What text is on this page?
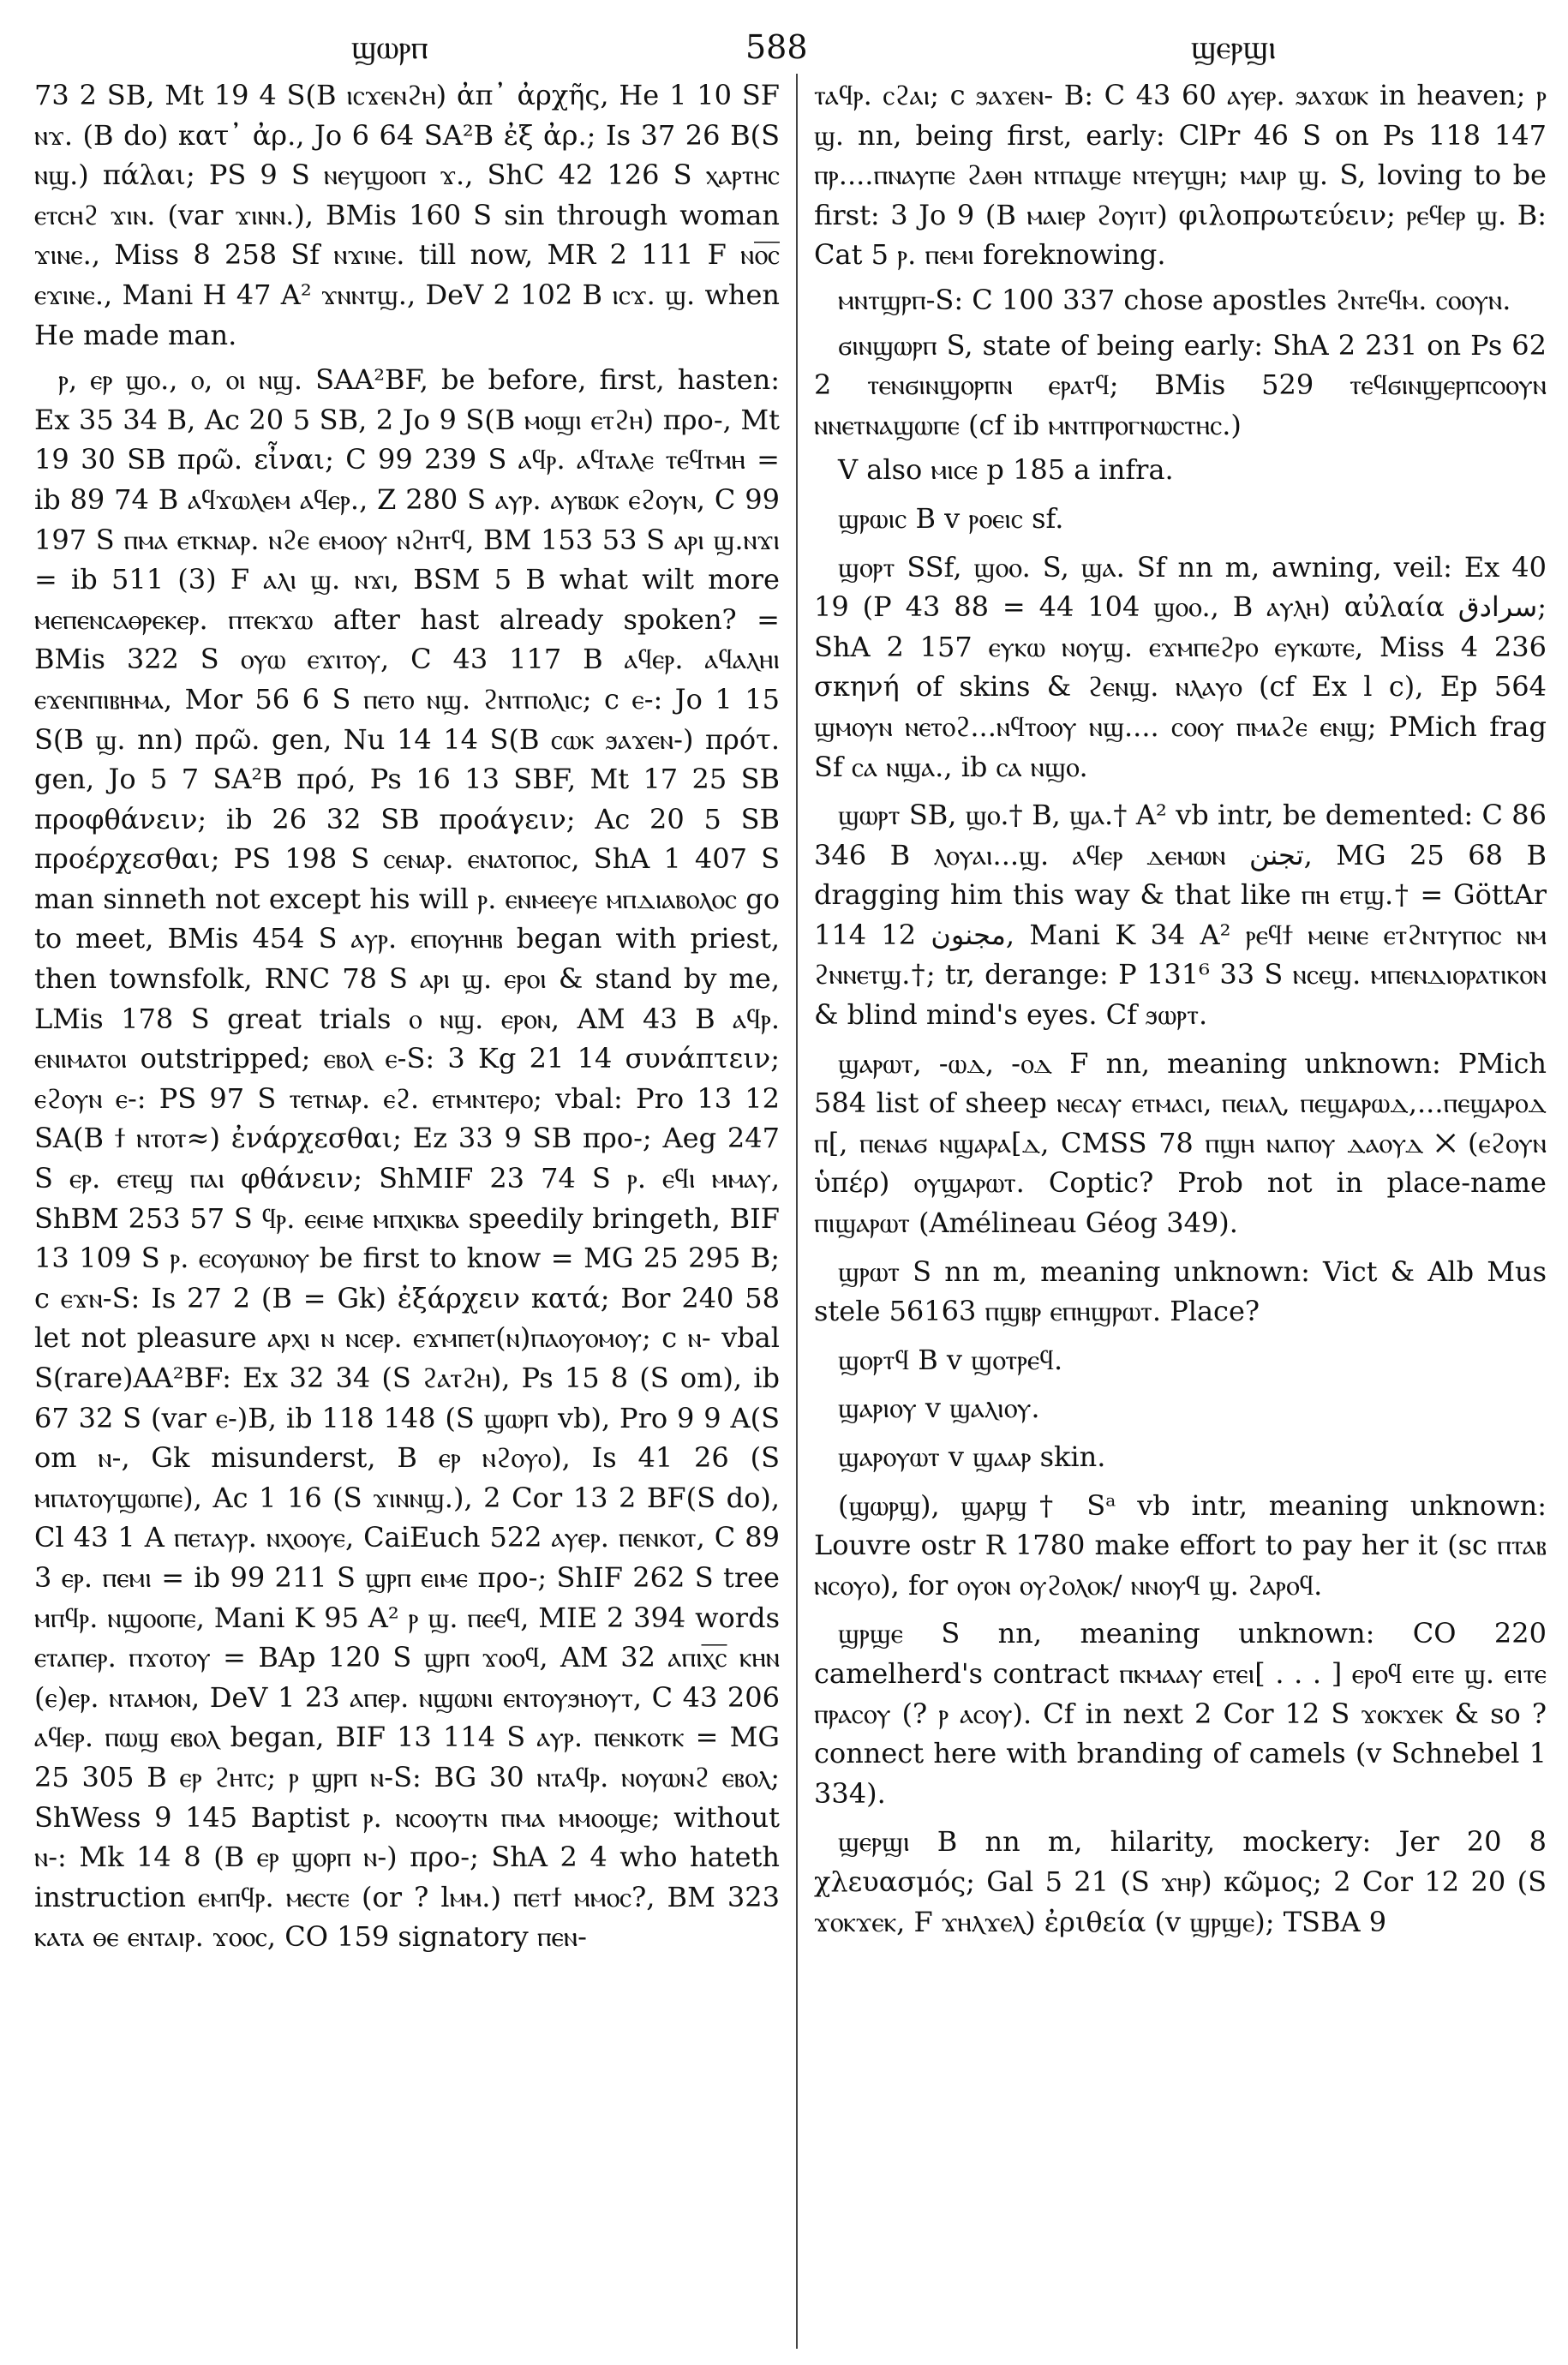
ϣⲱⲣⲡ	588	ϣⲉⲣϣⲓ

73 2 SB, Mt 19 4 S(B ⲓⲥϫⲉⲛϩⲏ) ἀπ᾿ ἀρχῆς, He 1 10 SF ⲛϫ. (B do) κατ᾿ ἀρ., Jo 6 64 SA²B ἐξ ἀρ.; Is 37 26 B(S ⲛϣ.) πάλαι; PS 9 S ⲛⲉⲩϣⲟⲟⲡ ϫ., ShC 42 126 S ⲭⲁⲣⲧⲏⲥ ⲉⲧⲥⲏϩ ϫⲓⲛ. (var ϫⲓⲛⲛ.), BMis 160 S sin through woman ϫⲓⲛⲉ., Miss 8 258 Sf ⲛϫⲓⲛⲉ. till now, MR 2 111 F ⲛⲟ̅ⲥ̅ ⲉϫⲓⲛⲉ., Mani H 47 A² ϫⲛⲛⲧϣ., DeV 2 102 B ⲓⲥϫ. ϣ. when He made man.

ⲣ, ⲉⲣ ϣⲟ., ⲟ, ⲟⲓ ⲛϣ. SAA²BF, be before, first, hasten: Ex 35 34 B, Ac 20 5 SB, 2 Jo 9 S(B ⲙⲟϣⲓ ⲉⲧϩⲏ) προ-, Mt 19 30 SB πρῶ. εἶναι; C 99 239 S ⲁϥⲣ. ⲁϥⲧⲁⲗⲉ ⲧⲉϥⲧⲙⲏ = ib 89 74 B ⲁϥϫⲱⲗⲉⲙ ⲁϥⲉⲣ., Z 280 S ⲁⲩⲣ. ⲁⲩⲃⲱⲕ ⲉϩⲟⲩⲛ, C 99 197 S ⲡⲙⲁ ⲉⲧⲕⲛⲁⲣ. ⲛϩⲉ ⲉⲙⲟⲟⲩ ⲛϩⲏⲧϥ, BM 153 53 S ⲁⲣⲓ ϣ.ⲛϫⲓ = ib 511 (3) F ⲁⲗⲓ ϣ. ⲛϫⲓ, BSM 5 B what wilt more ⲙⲉⲡⲉⲛⲥⲁⲑⲣⲉⲕⲉⲣ. ⲡⲧⲉⲕϫⲱ after hast already spoken? = BMis 322 S ⲟⲩⲱ ⲉϫⲓⲧⲟⲩ, C 43 117 B ⲁϥⲉⲣ. ⲁϥⲁⲗⲏⲓ ⲉϫⲉⲛⲡⲓⲃⲏⲙⲁ, Mor 56 6 S ⲡⲉⲧⲟ ⲛϣ. ϩⲛⲧⲡⲟⲗⲓⲥ; c ⲉ-: Jo 1 15 S(B ϣ. nn) πρῶ. gen, Nu 14 14 S(B ⲥⲱⲕ ϧⲁϫⲉⲛ-) πρότ. gen, Jo 5 7 SA²B πρό, Ps 16 13 SBF, Mt 17 25 SB προφθάνειν; ib 26 32 SB προάγειν; Ac 20 5 SB προέρχεσθαι; PS 198 S ⲥⲉⲛⲁⲣ. ⲉⲛⲁⲧⲟⲡⲟⲥ, ShA 1 407 S man sinneth not except his will ⲣ. ⲉⲛⲙⲉⲉⲩⲉ ⲙⲡⲇⲓⲁⲃⲟⲗⲟⲥ go to meet, BMis 454 S ⲁⲩⲣ. ⲉⲡⲟⲩⲏⲏⲃ began with priest, then townsfolk, RNC 78 S ⲁⲣⲓ ϣ. ⲉⲣⲟⲓ & stand by me, LMis 178 S great trials ⲟ ⲛϣ. ⲉⲣⲟⲛ, AM 43 B ⲁϥⲣ. ⲉⲛⲓⲙⲁⲧⲟⲓ outstripped; ⲉⲃⲟⲗ ⲉ-S: 3 Kg 21 14 συνάπτειν; ⲉϩⲟⲩⲛ ⲉ-: PS 97 S ⲧⲉⲧⲛⲁⲣ. ⲉϩ. ⲉⲧⲙⲛⲧⲉⲣⲟ; vbal: Pro 13 12 SA(B ϯ ⲛⲧⲟⲧ≈) ἐνάρχεσθαι; Ez 33 9 SB προ-; Aeg 247 S ⲉⲣ. ⲉⲧⲉϣ ⲡⲁⲓ φθάνειν; ShMIF 23 74 S ⲣ. ⲉϥⲓ ⲙⲙⲁⲩ, ShBM 253 57 S ϥⲣ. ⲉⲉⲓⲙⲉ ⲙⲡⲭⲓⲕⲃⲁ speedily bringeth, BIF 13 109 S ⲣ. ⲉⲥⲟⲩⲱⲛⲟⲩ be first to know = MG 25 295 B; c ⲉϫⲛ-S: Is 27 2 (B = Gk) ἐξάρχειν κατά; Bor 240 58 let not pleasure ⲁⲣⲭⲓ ⲛ ⲛⲥⲉⲣ. ⲉϫⲙⲡⲉⲧ(ⲛ)ⲡⲁⲟⲩⲟⲙⲟⲩ; c ⲛ- vbal S(rare)AA²BF: Ex 32 34 (S ϩⲁⲧϩⲏ), Ps 15 8 (S om), ib 67 32 S (var ⲉ-)B, ib 118 148 (S ϣⲱⲣⲡ vb), Pro 9 9 A(S om ⲛ-, Gk misunderst, B ⲉⲣ ⲛϩⲟⲩⲟ), Is 41 26 (S ⲙⲡⲁⲧⲟⲩϣⲱⲡⲉ), Ac 1 16 (S ϫⲓⲛⲛϣ.), 2 Cor 13 2 BF(S do), Cl 43 1 A ⲡⲉⲧⲁⲩⲣ. ⲛⲭⲟⲟⲩⲉ, CaiEuch 522 ⲁⲩⲉⲣ. ⲡⲉⲛⲕⲟⲧ, C 89 3 ⲉⲣ. ⲡⲉⲙⲓ = ib 99 211 S ϣⲣⲡ ⲉⲓⲙⲉ προ-; ShIF 262 S tree ⲙⲡϥⲣ. ⲛϣⲟⲟⲡⲉ, Mani K 95 A² ⲣ ϣ. ⲡⲉⲉϥ, MIE 2 394 words ⲉⲧⲁⲡⲉⲣ. ⲡϫⲟⲧⲟⲩ = BAp 120 S ϣⲣⲡ ϫⲟⲟϥ, AM 32 ⲁⲡⲓⲭ̅ⲥ̅ ⲕⲏⲛ (ⲉ)ⲉⲣ. ⲛⲧⲁⲙⲟⲛ, DeV 1 23 ⲁⲡⲉⲣ. ⲛϣⲱⲛⲓ ⲉⲛⲧⲟⲩϧⲏⲟⲩⲧ, C 43 206 ⲁϥⲉⲣ. ⲡⲱϣ ⲉⲃⲟⲗ began, BIF 13 114 S ⲁⲩⲣ. ⲡⲉⲛⲕⲟⲧⲕ = MG 25 305 B ⲉⲣ ϩⲏⲧⲥ; ⲣ ϣⲣⲡ ⲛ-S: BG 30 ⲛⲧⲁϥⲣ. ⲛⲟⲩⲱⲛϩ ⲉⲃⲟⲗ; ShWess 9 145 Baptist ⲣ. ⲛⲥⲟⲟⲩⲧⲛ ⲡⲙⲁ ⲙⲙⲟⲟϣⲉ; without ⲛ-: Mk 14 8 (B ⲉⲣ ϣⲟⲣⲡ ⲛ-) προ-; ShA 2 4 who hateth instruction ⲉⲙⲡϥⲣ. ⲙⲉⲥⲧⲉ (or ? lⲙⲙ.) ⲡⲉⲧϯ ⲙⲙⲟⲥ?, BM 323 ⲕⲁⲧⲁ ⲑⲉ ⲉⲛⲧⲁⲓⲣ. ϫⲟⲟⲥ, CO 159 signatory ⲡⲉⲛ-

ⲧⲁϥⲣ. ⲥϩⲁⲓ; c ϧⲁϫⲉⲛ- B: C 43 60 ⲁⲩⲉⲣ. ϧⲁϫⲱⲕ in heaven; ⲣ ϣ. nn, being first, early: ClPr 46 S on Ps 118 147 ⲡⲣ....ⲡⲛⲁⲩⲡⲉ ϩⲁⲑⲏ ⲛⲧⲡⲁϣⲉ ⲛⲧⲉⲩϣⲏ; ⲙⲁⲓⲣ ϣ. S, loving to be first: 3 Jo 9 (B ⲙⲁⲓⲉⲣ ϩⲟⲩⲓⲧ) φιλοπρωτεύειν; ⲣⲉϥⲉⲣ ϣ. B: Cat 5 ⲣ. ⲡⲉⲙⲓ foreknowing.

ⲙⲛⲧϣⲣⲡ-S: C 100 337 chose apostles ϩⲛⲧⲉϥⲙ. ⲥⲟⲟⲩⲛ.

ϭⲓⲛϣⲱⲣⲡ S, state of being early: ShA 2 231 on Ps 62 2 ⲧⲉⲛϭⲓⲛϣⲟⲣⲡⲛ ⲉⲣⲁⲧϥ; BMis 529 ⲧⲉϥϭⲓⲛϣⲉⲣⲡⲥⲟⲟⲩⲛ ⲛⲛⲉⲧⲛⲁϣⲱⲡⲉ (cf ib ⲙⲛⲧⲡⲣⲟⲅⲛⲱⲥⲧⲏⲥ.)

V also ⲙⲓⲥⲉ p 185 a infra.

ϣⲣⲱⲓⲥ B v ⲣⲟⲉⲓⲥ sf.

ϣⲟⲣⲧ SSf, ϣⲟⲟ. S, ϣⲁ. Sf nn m, awning, veil: Ex 40 19 (P 43 88 = 44 104 ϣⲟⲟ., B ⲁⲩⲗⲏ) αὐλαία سرادق; ShA 2 157 ⲉⲩⲕⲱ ⲛⲟⲩϣ. ⲉϫⲙⲡⲉϩⲣⲟ ⲉⲩⲕⲱⲧⲉ, Miss 4 236 σκηνή of skins & ϩⲉⲛϣ. ⲛⲗⲁⲩⲟ (cf Ex l c), Ep 564 ϣⲙⲟⲩⲛ ⲛⲉⲧⲟϩ...ⲛϥⲧⲟⲟⲩ ⲛϣ.... ⲥⲟⲟⲩ ⲡⲙⲁϩⲉ ⲉⲛϣ; PMich frag Sf ⲥⲁ ⲛϣⲁ., ib ⲥⲁ ⲛϣⲟ.

ϣⲱⲣⲧ SB, ϣⲟ.† B, ϣⲁ.† A² vb intr, be demented: C 86 346 B ⲗⲟⲩⲁⲓ...ϣ. ⲁϥⲉⲣ ⲇⲉⲙⲱⲛ تجنن, MG 25 68 B dragging him this way & that like ⲡⲏ ⲉⲧϣ.† = GöttAr 114 12 مجنون, Mani K 34 A² ⲣⲉϥϯ ⲙⲉⲓⲛⲉ ⲉⲧϩⲛⲧⲩⲡⲟⲥ ⲛⲙ ϩⲛⲛⲉⲧϣ.†; tr, derange: P 131⁶ 33 S ⲛⲥⲉϣ. ⲙⲡⲉⲛⲇⲓⲟⲣⲁⲧⲓⲕⲟⲛ & blind mind's eyes. Cf ϧⲱⲣⲧ.

ϣⲁⲣⲱⲧ, -ⲱⲇ, -ⲟⲇ F nn, meaning unknown: PMich 584 list of sheep ⲛⲉⲥⲁⲩ ⲉⲧⲙⲁⲥⲓ, ⲡⲉⲓⲁⲗ, ⲡⲉϣⲁⲣⲱⲇ,...ⲡⲉϣⲁⲣⲟⲇ ⲡ[, ⲡⲉⲛⲁϭ ⲛϣⲁⲣⲁ[ⲇ, CMSS 78 ⲡϣⲏ ⲛⲁⲡⲟⲩ ⲇⲁⲟⲩⲇ ✕ (ⲉϩⲟⲩⲛ ὑπέρ) ⲟⲩϣⲁⲣⲱⲧ. Coptic? Prob not in place-name ⲡⲓϣⲁⲣⲱⲧ (Amélineau Géog 349).

ϣⲣⲱⲧ S nn m, meaning unknown: Vict & Alb Mus stele 56163 ⲡϣⲃⲣ ⲉⲡⲏϣⲣⲱⲧ. Place?

ϣⲟⲣⲧϥ B v ϣⲟⲧⲣⲉϥ.

ϣⲁⲣⲓⲟⲩ v ϣⲁⲗⲓⲟⲩ.

ϣⲁⲣⲟⲩⲱⲧ v ϣⲁⲁⲣ skin.

(ϣⲱⲣϣ), ϣⲁⲣϣ† Sᵃ vb intr, meaning unknown: Louvre ostr R 1780 make effort to pay her it (sc ⲡⲧⲁⲃ ⲛⲥⲟⲩⲟ), for ⲟⲩⲟⲛ ⲟⲩϩⲟⲗⲟⲕ/ ⲛⲛⲟⲩϥ ϣ. ϩⲁⲣⲟϥ.

ϣⲣϣⲉ S nn, meaning unknown: CO 220 camelherd's contract ⲡⲕⲙⲁⲁⲩ ⲉⲧⲉⲓ[ . . . ] ⲉⲣⲟϥ ⲉⲓⲧⲉ ϣ. ⲉⲓⲧⲉ ⲡⲣⲁⲥⲟⲩ (? ⲣ ⲁⲥⲟⲩ). Cf in next 2 Cor 12 S ϫⲟⲕϫⲉⲕ & so ? connect here with branding of camels (v Schnebel 1 334).

ϣⲉⲣϣⲓ B nn m, hilarity, mockery: Jer 20 8 χλευασμός; Gal 5 21 (S ϫⲏⲣ) κῶμος; 2 Cor 12 20 (S ϫⲟⲕϫⲉⲕ, F ϫⲏⲗϫⲉⲗ) ἐριθεία (v ϣⲣϣⲉ); TSBA 9
